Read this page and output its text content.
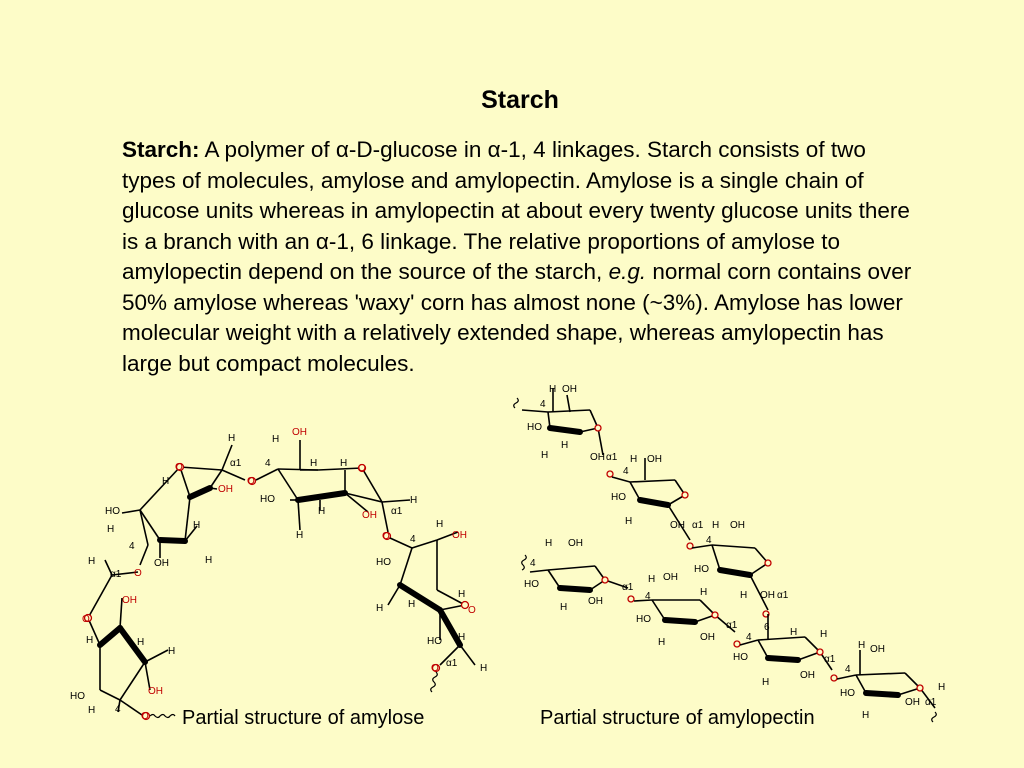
Starch
Starch: A polymer of α-D-glucose in α-1, 4 linkages. Starch consists of two types of molecules, amylose and amylopectin. Amylose is a single chain of glucose units whereas in amylopectin at about every twenty glucose units there is a branch with an α-1, 6 linkage. The relative proportions of amylose to amylopectin depend on the source of the starch, e.g. normal corn contains over 50% amylose whereas 'waxy' corn has almost none (~3%). Amylose has lower molecular weight with a relatively extended shape, whereas amylopectin has large but compact molecules.
H
α1
O
H
OH
HO
H	H
4
OH	H
O
H
OH
4	H H O
HO
H
H
OH
H
α1
O
H
OH
4
HO
H
H H
O
HO H
α1 H
O
H
α1 O
OH
O
H	H
H
HO	OH
H 4
O
H OH
4
HO
H
H
OH α1 H OH
4
HO
H	OH α1 H OH
4
HO
H	H OH α1
H OH
4
HO
H
OH
α1
H OH
4
HO
H	OH
α1	6
4
HO
H H
H
OH
α1
H OH
4
HO
H
OH α1
H
Partial structure of amylose	Partial structure of amylopectin
